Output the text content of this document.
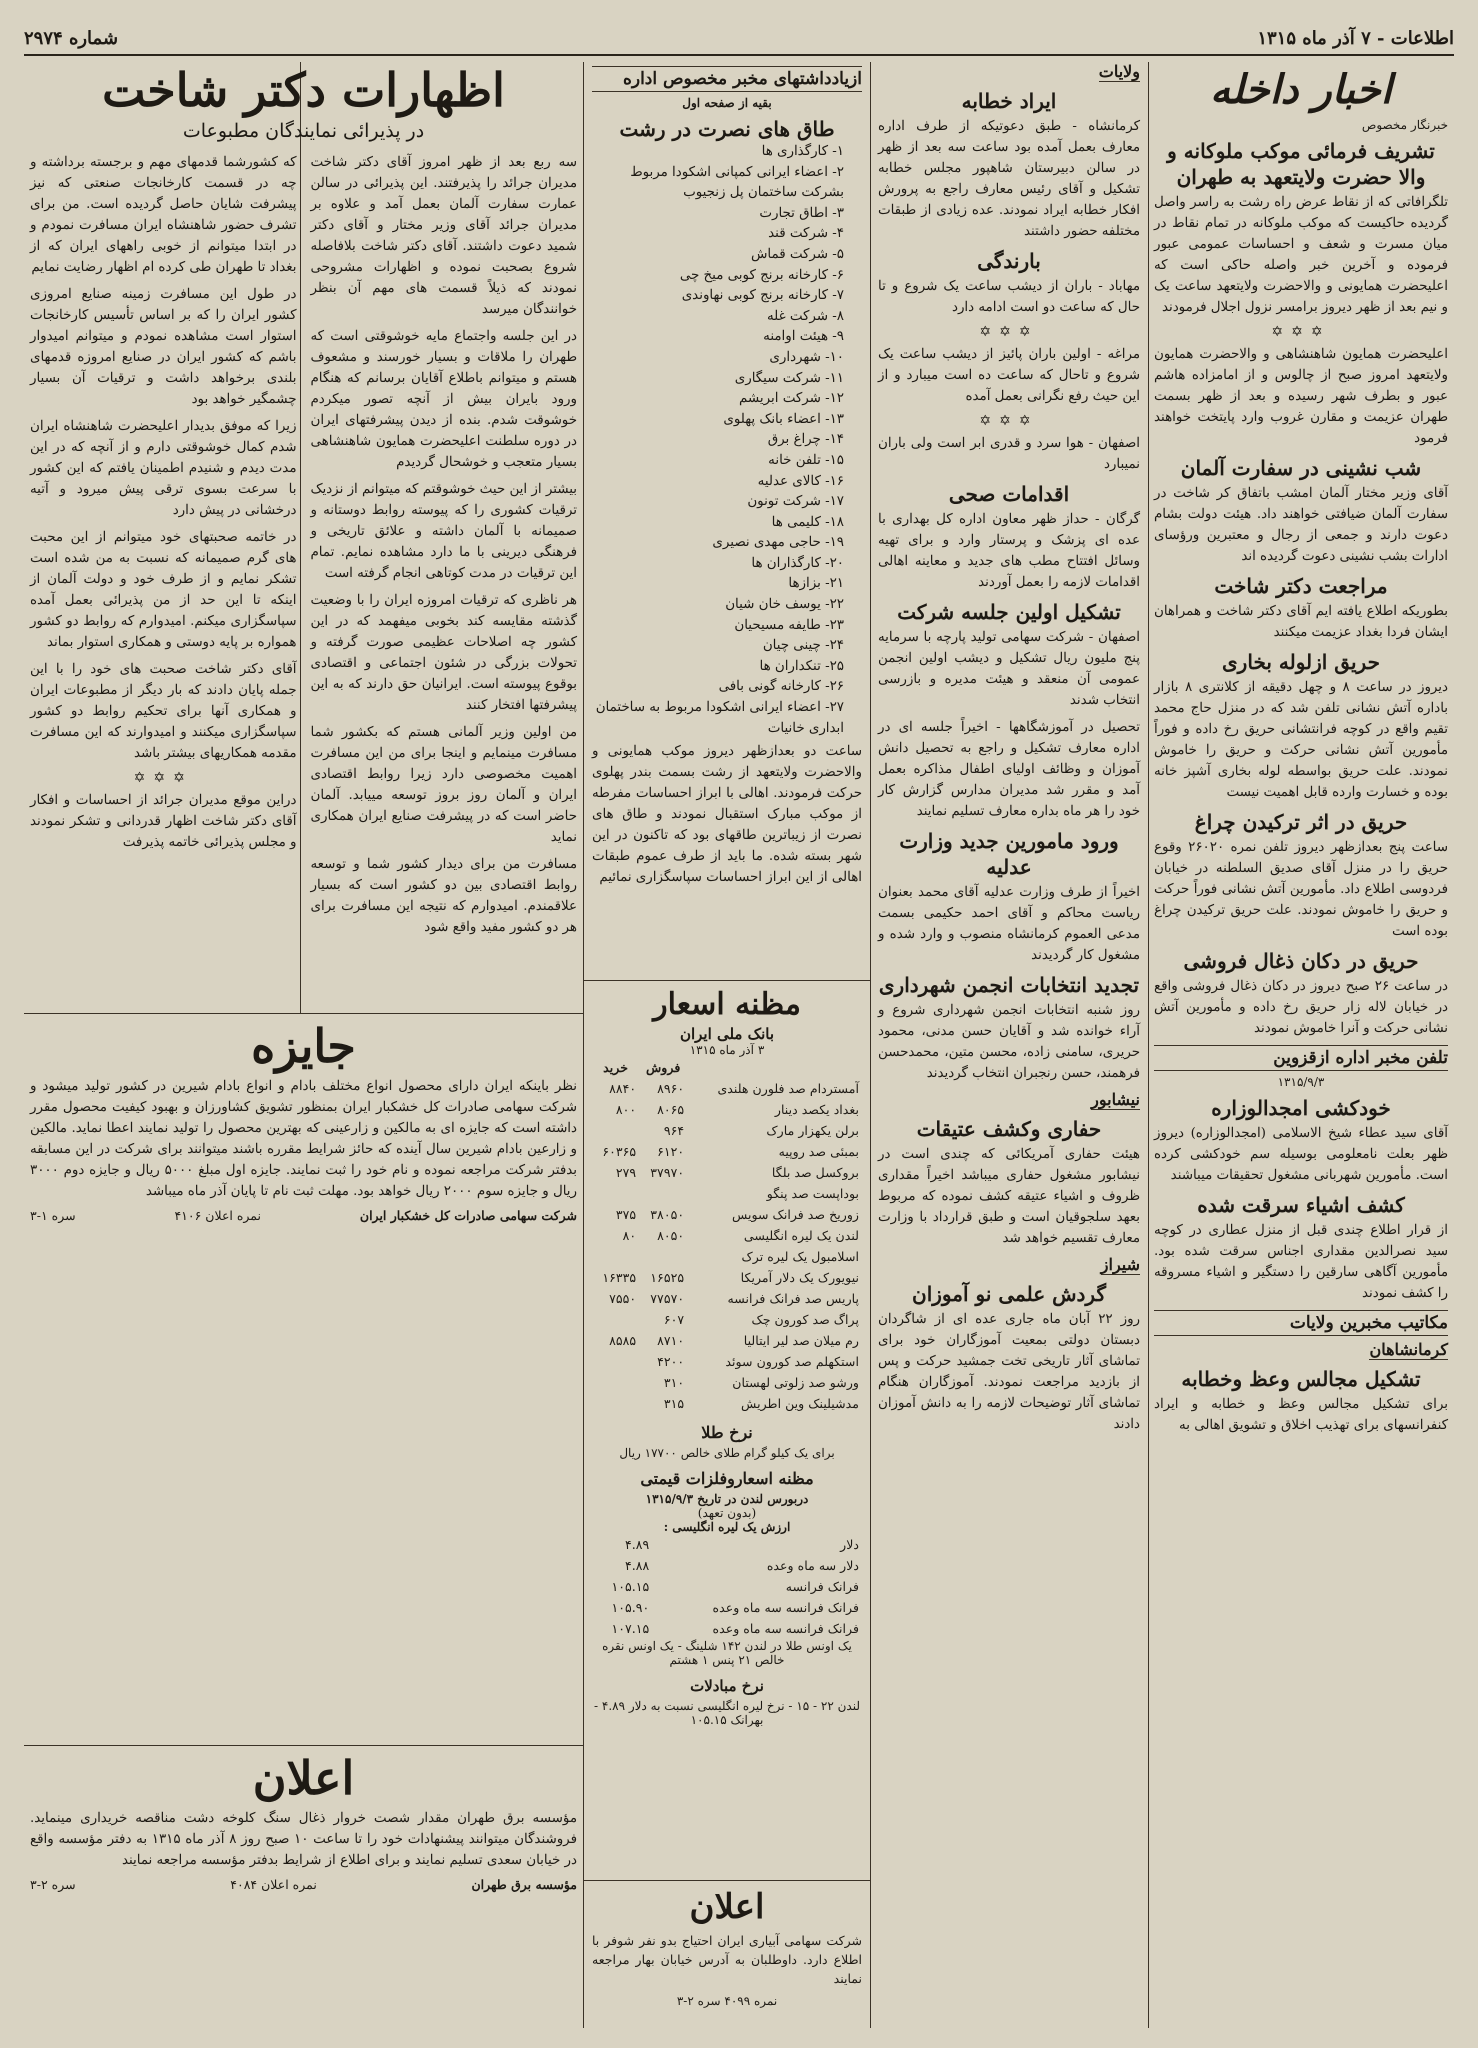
اطلاعات - ۷ آذر ماه ۱۳۱۵
شماره ۲۹۷۴
اخبار داخله
خبرنگار مخصوص
تشریف فرمائی موکب ملوکانه و والا حضرت ولایتعهد به طهران

تلگرافاتی که از نقاط عرض راه رشت به راسر واصل گردیده حاکیست که موکب ملوکانه در تمام نقاط در میان مسرت و شعف و احساسات عمومی عبور فرموده و آخرین خبر واصله حاکی است که اعلیحضرت همایونی و والاحضرت ولایتعهد ساعت یک و نیم بعد از ظهر دیروز برامسر نزول اجلال فرمودند

✡✡✡

اعلیحضرت همایون شاهنشاهی و والاحضرت همایون ولایتعهد امروز صبح از چالوس و از امامزاده هاشم عبور و بطرف شهر رسیده و بعد از ظهر بسمت طهران عزیمت و مقارن غروب وارد پایتخت خواهند فرمود

شب نشینی در سفارت آلمان

آقای وزیر مختار آلمان امشب باتفاق کر شاخت در سفارت آلمان ضیافتی خواهند داد. هیئت دولت بشام دعوت دارند و جمعی از رجال و معتبرین ورؤسای ادارات بشب نشینی دعوت گردیده اند

مراجعت دکتر شاخت

بطوریکه اطلاع یافته ایم آقای دکتر شاخت و همراهان ایشان فردا بغداد عزیمت میکنند

حریق ازلوله بخاری

دیروز در ساعت ۸ و چهل دقیقه از کلانتری ۸ بازار باداره آتش نشانی تلفن شد که در منزل حاج محمد تقیم واقع در کوچه فرانتشانی حریق رخ داده و فوراً مأمورین آتش نشانی حرکت و حریق را خاموش نمودند. علت حریق بواسطه لوله بخاری آشپز خانه بوده و خسارت وارده قابل اهمیت نیست

حریق در اثر ترکیدن چراغ

ساعت پنج بعدازظهر دیروز تلفن نمره ۲۶۰۲۰ وقوع حریق را در منزل آقای صدیق السلطنه در خیابان فردوسی اطلاع داد. مأمورین آتش نشانی فوراً حرکت و حریق را خاموش نمودند. علت حریق ترکیدن چراغ بوده است

حریق در دکان ذغال فروشی

در ساعت ۲۶ صبح دیروز در دکان ذغال فروشی واقع در خیابان لاله زار حریق رخ داده و مأمورین آتش نشانی حرکت و آنرا خاموش نمودند

تلفن مخبر اداره ازقزوین
۱۳۱۵/۹/۳
خودکشی امجدالوزاره

آقای سید عطاء شیخ الاسلامی (امجدالوزاره) دیروز ظهر بعلت نامعلومی بوسیله سم خودکشی کرده است. مأمورین شهربانی مشغول تحقیقات میباشند

کشف اشیاء سرقت شده

از قرار اطلاع چندی قبل از منزل عطاری در کوچه سید نصرالدین مقداری اجناس سرقت شده بود. مأمورین آگاهی سارقین را دستگیر و اشیاء مسروقه را کشف نمودند

مکاتیب مخبرین ولایات
کرمانشاهان
تشکیل مجالس وعظ وخطابه

برای تشکیل مجالس وعظ و خطابه و ایراد کنفرانسهای برای تهذیب اخلاق و تشویق اهالی به

ولایات
ایراد خطابه

کرمانشاه - طبق دعوتیکه از طرف اداره معارف بعمل آمده بود ساعت سه بعد از ظهر در سالن دبیرستان شاهپور مجلس خطابه تشکیل و آقای رئیس معارف راجع به پرورش افکار خطابه ایراد نمودند. عده زیادی از طبقات مختلفه حضور داشتند

بارندگی

مهاباد - باران از دیشب ساعت یک شروع و تا حال که ساعت دو است ادامه دارد

✡✡✡

مراغه - اولین باران پائیز از دیشب ساعت یک شروع و تاحال که ساعت ده است میبارد و از این حیث رفع نگرانی بعمل آمده

✡✡✡

اصفهان - هوا سرد و قدری ابر است ولی باران نمیبارد

اقدامات صحی

گرگان - حداز ظهر معاون اداره کل بهداری با عده ای پزشک و پرستار وارد و برای تهیه وسائل افتتاح مطب های جدید و معاینه اهالی اقدامات لازمه را بعمل آوردند

تشکیل اولین جلسه شرکت

اصفهان - شرکت سهامی تولید پارچه با سرمایه پنج ملیون ریال تشکیل و دیشب اولین انجمن عمومی آن منعقد و هیئت مدیره و بازرسی انتخاب شدند

تحصیل در آموزشگاهها - اخیراً جلسه ای در اداره معارف تشکیل و راجع به تحصیل دانش آموزان و وظائف اولیای اطفال مذاکره بعمل آمد و مقرر شد مدیران مدارس گزارش کار خود را هر ماه بداره معارف تسلیم نمایند

ورود مامورین جدید وزارت عدلیه

اخیراً از طرف وزارت عدلیه آقای محمد بعنوان ریاست محاکم و آقای احمد حکیمی بسمت مدعی العموم کرمانشاه منصوب و وارد شده و مشغول کار گردیدند

تجدید انتخابات انجمن شهرداری

روز شنبه انتخابات انجمن شهرداری شروع و آراء خوانده شد و آقایان حسن مدنی، محمود حریری، سامنی زاده، محسن متین، محمدحسن فرهمند، حسن رنجبران انتخاب گردیدند

نیشابور
حفاری وکشف عتیقات

هیئت حفاری آمریکائی که چندی است در نیشابور مشغول حفاری میباشد اخیراً مقداری ظروف و اشیاء عتیقه کشف نموده که مربوط بعهد سلجوقیان است و طبق قرارداد با وزارت معارف تقسیم خواهد شد

شیراز
گردش علمی نو آموزان

روز ۲۲ آبان ماه جاری عده ای از شاگردان دبستان دولتی بمعیت آموزگاران خود برای تماشای آثار تاریخی تخت جمشید حرکت و پس از بازدید مراجعت نمودند. آموزگاران هنگام تماشای آثار توضیحات لازمه را به دانش آموزان دادند

ازیادداشتهای مخبر مخصوص اداره
بقیه از صفحه اول
طاق های نصرت در رشت
۱- کارگذاری ها
۲- اعضاء ایرانی کمپانی اشکودا مربوط بشرکت ساختمان پل زنجیوب
۳- اطاق تجارت
۴- شرکت قند
۵- شرکت قماش
۶- کارخانه برنج کوبی میخ چی
۷- کارخانه برنج کوبی نهاوندی
۸- شرکت غله
۹- هیئت اوامنه
۱۰- شهرداری
۱۱- شرکت سیگاری
۱۲- شرکت ابریشم
۱۳- اعضاء بانک پهلوی
۱۴- چراغ برق
۱۵- تلفن خانه
۱۶- کالای عدلیه
۱۷- شرکت تونون
۱۸- کلیمی ها
۱۹- حاجی مهدی نصیری
۲۰- کارگذاران ها
۲۱- بزازها
۲۲- یوسف خان شیان
۲۳- طایفه مسیحیان
۲۴- چینی چیان
۲۵- تنکداران ها
۲۶- کارخانه گونی بافی
۲۷- اعضاء ایرانی اشکودا مربوط به ساختمان ابداری خانیات

ساعت دو بعدازظهر دیروز موکب همایونی و والاحضرت ولایتعهد از رشت بسمت بندر پهلوی حرکت فرمودند. اهالی با ابراز احساسات مفرطه از موکب مبارک استقبال نمودند و طاق های نصرت از زیباترین طاقهای بود که تاکنون در این شهر بسته شده. ما باید از طرف عموم طبقات اهالی از این ابراز احساسات سپاسگزاری نمائیم

مظنه اسعار
بانک ملی ایران
۳ آذر ماه ۱۳۱۵
	فروش	خرید
آمستردام صد فلورن هلندی	۸۹۶۰	۸۸۴۰
بغداد یکصد دینار	۸۰۶۵	۸۰۰
برلن یکهزار مارک	۹۶۴	
بمبئی صد روپیه	۶۱۲۰	۶۰۳۶۵
بروکسل صد بلگا	۳۷۹۷۰	۲۷۹
بوداپست صد پنگو		
زوریخ صد فرانک سویس	۳۸۰۵۰	۳۷۵
لندن یک لیره انگلیسی	۸۰۵۰	۸۰
اسلامبول یک لیره ترک		
نیویورک یک دلار آمریکا	۱۶۵۲۵	۱۶۳۳۵
پاریس صد فرانک فرانسه	۷۷۵۷۰	۷۵۵۰
پراگ صد کورون چک	۶۰۷	
رم میلان صد لیر ایتالیا	۸۷۱۰	۸۵۸۵
استکهلم صد کورون سوئد	۴۲۰۰	
ورشو صد زلوتی لهستان	۳۱۰	
مدشیلینک وین اطریش	۳۱۵	
نرخ طلا
برای یک کیلو گرام طلای خالص ۱۷۷۰۰ ریال
مظنه اسعاروفلزات قیمتی
دربورس لندن در تاریخ ۱۳۱۵/۹/۳
(بدون تعهد)
ارزش یک لیره انگلیسی :
دلار	۴.۸۹
دلار سه ماه وعده	۴.۸۸
فرانک فرانسه	۱۰۵.۱۵
فرانک فرانسه سه ماه وعده	۱۰۵.۹۰
فرانک فرانسه سه ماه وعده	۱۰۷.۱۵
یک اونس طلا در لندن ۱۴۲ شلینگ - یک اونس نقره خالص ۲۱ پنس ۱ هشتم
نرخ مبادلات
لندن ۲۲ - ۱۵ - نرخ لیره انگلیسی نسبت به دلار ۴.۸۹ - بهرانک ۱۰۵.۱۵
اعلان

شرکت سهامی آبیاری ایران احتیاج بدو نفر شوفر با اطلاع دارد. داوطلبان به آدرس خیابان بهار مراجعه نمایند

نمره ۴۰۹۹ سره ۲-۳
اظهارات دکتر شاخت
در پذیرائی نمایندگان مطبوعات

سه ربع بعد از ظهر امروز آقای دکتر شاخت مدیران جرائد را پذیرفتند. این پذیرائی در سالن عمارت سفارت آلمان بعمل آمد و علاوه بر مدیران جرائد آقای وزیر مختار و آقای دکتر شمید دعوت داشتند. آقای دکتر شاخت بلافاصله شروع بصحبت نموده و اظهارات مشروحی نمودند که ذیلاً قسمت های مهم آن بنظر خوانندگان میرسد

در این جلسه واجتماع مایه خوشوقتی است که طهران را ملاقات و بسیار خورسند و مشعوف هستم و میتوانم باطلاع آقایان برسانم که هنگام ورود بایران بیش از آنچه تصور میکردم خوشوقت شدم. بنده از دیدن پیشرفتهای ایران در دوره سلطنت اعلیحضرت همایون شاهنشاهی بسیار متعجب و خوشحال گردیدم

بیشتر از این حیث خوشوقتم که میتوانم از نزدیک ترقیات کشوری را که پیوسته روابط دوستانه و صمیمانه با آلمان داشته و علائق تاریخی و فرهنگی دیرینی با ما دارد مشاهده نمایم. تمام این ترقیات در مدت کوتاهی انجام گرفته است

هر ناظری که ترقیات امروزه ایران را با وضعیت گذشته مقایسه کند بخوبی میفهمد که در این کشور چه اصلاحات عظیمی صورت گرفته و تحولات بزرگی در شئون اجتماعی و اقتصادی بوقوع پیوسته است. ایرانیان حق دارند که به این پیشرفتها افتخار کنند

من اولین وزیر آلمانی هستم که بکشور شما مسافرت مینمایم و اینجا برای من این مسافرت اهمیت مخصوصی دارد زیرا روابط اقتصادی ایران و آلمان روز بروز توسعه مییابد. آلمان حاضر است که در پیشرفت صنایع ایران همکاری نماید

مسافرت من برای دیدار کشور شما و توسعه روابط اقتصادی بین دو کشور است که بسیار علاقمندم. امیدوارم که نتیجه این مسافرت برای هر دو کشور مفید واقع شود

که کشورشما قدمهای مهم و برجسته برداشته و چه در قسمت کارخانجات صنعتی که نیز پیشرفت شایان حاصل گردیده است. من برای تشرف حضور شاهنشاه ایران مسافرت نمودم و در ابتدا میتوانم از خوبی راههای ایران که از بغداد تا طهران طی کرده ام اظهار رضایت نمایم

در طول این مسافرت زمینه صنایع امروزی کشور ایران را که بر اساس تأسیس کارخانجات استوار است مشاهده نمودم و میتوانم امیدوار باشم که کشور ایران در صنایع امروزه قدمهای بلندی برخواهد داشت و ترقیات آن بسیار چشمگیر خواهد بود

زیرا که موفق بدیدار اعلیحضرت شاهنشاه ایران شدم کمال خوشوقتی دارم و از آنچه که در این مدت دیدم و شنیدم اطمینان یافتم که این کشور با سرعت بسوی ترقی پیش میرود و آتیه درخشانی در پیش دارد

در خاتمه صحبتهای خود میتوانم از این محبت های گرم صمیمانه که نسبت به من شده است تشکر نمایم و از طرف خود و دولت آلمان از اینکه تا این حد از من پذیرائی بعمل آمده سپاسگزاری میکنم. امیدوارم که روابط دو کشور همواره بر پایه دوستی و همکاری استوار بماند

آقای دکتر شاخت صحبت های خود را با این جمله پایان دادند که بار دیگر از مطبوعات ایران و همکاری آنها برای تحکیم روابط دو کشور سپاسگزاری میکنند و امیدوارند که این مسافرت مقدمه همکاریهای بیشتر باشد

✡✡✡

دراین موقع مدیران جرائد از احساسات و افکار آقای دکتر شاخت اظهار قدردانی و تشکر نمودند و مجلس پذیرائی خاتمه پذیرفت

جایزه

نظر باینکه ایران دارای محصول انواع مختلف بادام و انواع بادام شیرین در کشور تولید میشود و شرکت سهامی صادرات کل خشکبار ایران بمنظور تشویق کشاورزان و بهبود کیفیت محصول مقرر داشته است که جایزه ای به مالکین و زارعینی که بهترین محصول را تولید نمایند اعطا نماید. مالکین و زارعین بادام شیرین سال آینده که حائز شرایط مقرره باشند میتوانند برای شرکت در این مسابقه بدفتر شرکت مراجعه نموده و نام خود را ثبت نمایند. جایزه اول مبلغ ۵۰۰۰ ریال و جایزه دوم ۳۰۰۰ ریال و جایزه سوم ۲۰۰۰ ریال خواهد بود. مهلت ثبت نام تا پایان آذر ماه میباشد

شرکت سهامی صادرات کل خشکبار ایران
نمره اعلان ۴۱۰۶
سره ۱-۳
اعلان

مؤسسه برق طهران مقدار شصت خروار ذغال سنگ کلوخه دشت مناقصه خریداری مینماید. فروشندگان میتوانند پیشنهادات خود را تا ساعت ۱۰ صبح روز ۸ آذر ماه ۱۳۱۵ به دفتر مؤسسه واقع در خیابان سعدی تسلیم نمایند و برای اطلاع از شرایط بدفتر مؤسسه مراجعه نمایند

مؤسسه برق طهران
نمره اعلان ۴۰۸۴
سره ۲-۳
